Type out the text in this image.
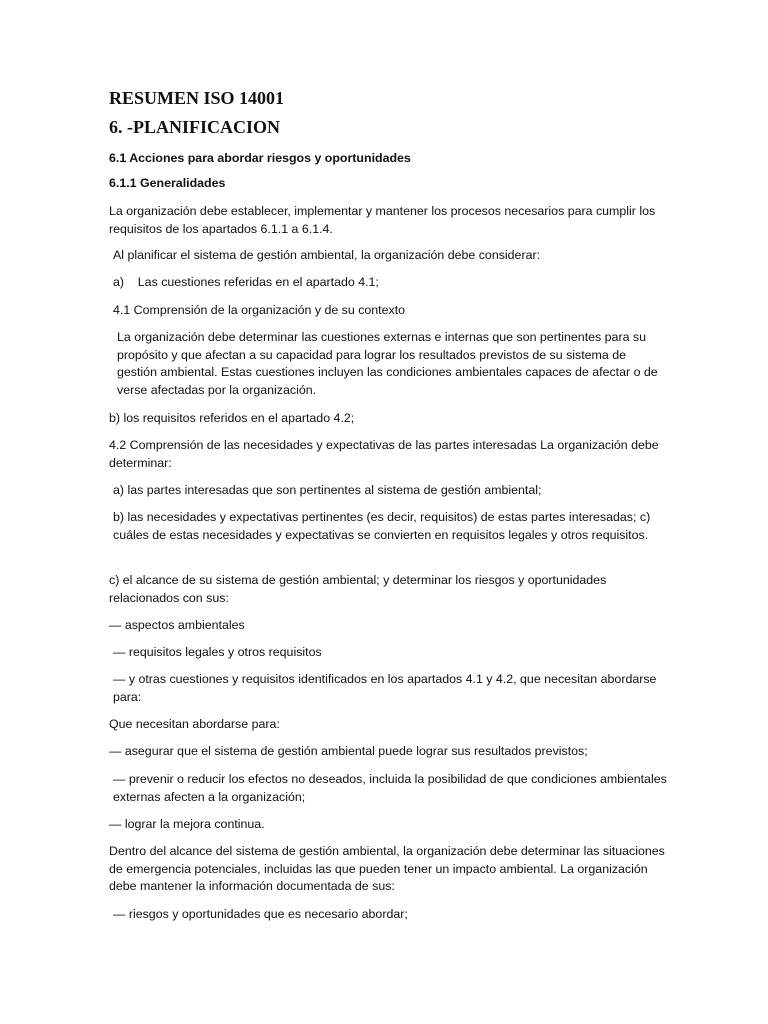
RESUMEN ISO 14001
6. -PLANIFICACION

6.1 Acciones para abordar riesgos y oportunidades

6.1.1 Generalidades

La organización debe establecer, implementar y mantener los procesos necesarios para cumplir los requisitos de los apartados 6.1.1 a 6.1.4.

Al planificar el sistema de gestión ambiental, la organización debe considerar:

a)    Las cuestiones referidas en el apartado 4.1;

4.1 Comprensión de la organización y de su contexto

La organización debe determinar las cuestiones externas e internas que son pertinentes para su propósito y que afectan a su capacidad para lograr los resultados previstos de su sistema de gestión ambiental. Estas cuestiones incluyen las condiciones ambientales capaces de afectar o de verse afectadas por la organización.

b) los requisitos referidos en el apartado 4.2;

4.2 Comprensión de las necesidades y expectativas de las partes interesadas La organización debe determinar:

a) las partes interesadas que son pertinentes al sistema de gestión ambiental;

b) las necesidades y expectativas pertinentes (es decir, requisitos) de estas partes interesadas; c) cuáles de estas necesidades y expectativas se convierten en requisitos legales y otros requisitos.

c) el alcance de su sistema de gestión ambiental; y determinar los riesgos y oportunidades relacionados con sus:

— aspectos ambientales

— requisitos legales y otros requisitos

— y otras cuestiones y requisitos identificados en los apartados 4.1 y 4.2, que necesitan abordarse para:

Que necesitan abordarse para:

— asegurar que el sistema de gestión ambiental puede lograr sus resultados previstos;

— prevenir o reducir los efectos no deseados, incluida la posibilidad de que condiciones ambientales externas afecten a la organización;

— lograr la mejora continua.

Dentro del alcance del sistema de gestión ambiental, la organización debe determinar las situaciones de emergencia potenciales, incluidas las que pueden tener un impacto ambiental. La organización debe mantener la información documentada de sus:

— riesgos y oportunidades que es necesario abordar;
